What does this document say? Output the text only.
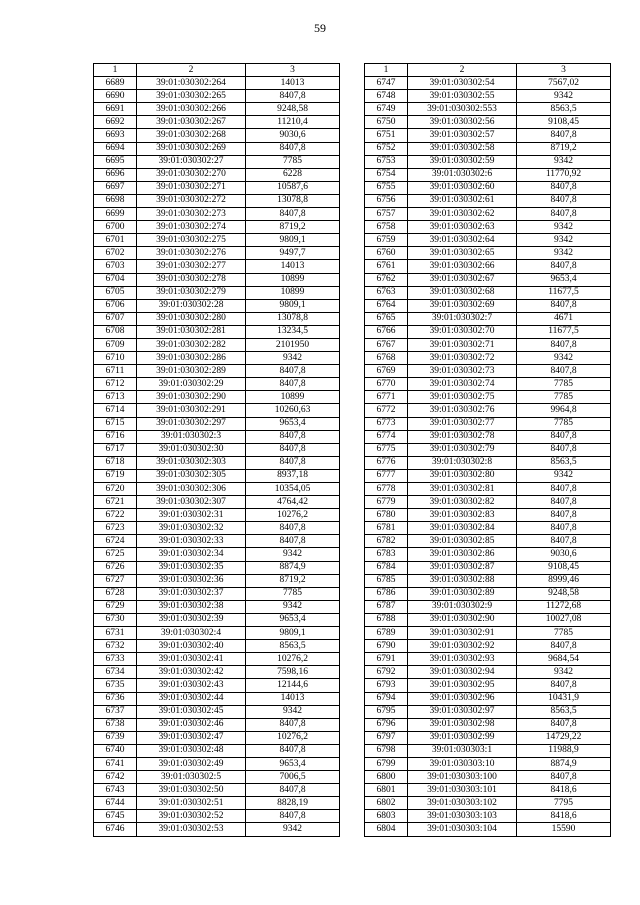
59
1	2	3
6689	39:01:030302:264	14013
6690	39:01:030302:265	8407,8
6691	39:01:030302:266	9248,58
6692	39:01:030302:267	11210,4
6693	39:01:030302:268	9030,6
6694	39:01:030302:269	8407,8
6695	39:01:030302:27	7785
6696	39:01:030302:270	6228
6697	39:01:030302:271	10587,6
6698	39:01:030302:272	13078,8
6699	39:01:030302:273	8407,8
6700	39:01:030302:274	8719,2
6701	39:01:030302:275	9809,1
6702	39:01:030302:276	9497,7
6703	39:01:030302:277	14013
6704	39:01:030302:278	10899
6705	39:01:030302:279	10899
6706	39:01:030302:28	9809,1
6707	39:01:030302:280	13078,8
6708	39:01:030302:281	13234,5
6709	39:01:030302:282	2101950
6710	39:01:030302:286	9342
6711	39:01:030302:289	8407,8
6712	39:01:030302:29	8407,8
6713	39:01:030302:290	10899
6714	39:01:030302:291	10260,63
6715	39:01:030302:297	9653,4
6716	39:01:030302:3	8407,8
6717	39:01:030302:30	8407,8
6718	39:01:030302:303	8407,8
6719	39:01:030302:305	8937,18
6720	39:01:030302:306	10354,05
6721	39:01:030302:307	4764,42
6722	39:01:030302:31	10276,2
6723	39:01:030302:32	8407,8
6724	39:01:030302:33	8407,8
6725	39:01:030302:34	9342
6726	39:01:030302:35	8874,9
6727	39:01:030302:36	8719,2
6728	39:01:030302:37	7785
6729	39:01:030302:38	9342
6730	39:01:030302:39	9653,4
6731	39:01:030302:4	9809,1
6732	39:01:030302:40	8563,5
6733	39:01:030302:41	10276,2
6734	39:01:030302:42	7598,16
6735	39:01:030302:43	12144,6
6736	39:01:030302:44	14013
6737	39:01:030302:45	9342
6738	39:01:030302:46	8407,8
6739	39:01:030302:47	10276,2
6740	39:01:030302:48	8407,8
6741	39:01:030302:49	9653,4
6742	39:01:030302:5	7006,5
6743	39:01:030302:50	8407,8
6744	39:01:030302:51	8828,19
6745	39:01:030302:52	8407,8
6746	39:01:030302:53	9342
1	2	3
6747	39:01:030302:54	7567,02
6748	39:01:030302:55	9342
6749	39:01:030302:553	8563,5
6750	39:01:030302:56	9108,45
6751	39:01:030302:57	8407,8
6752	39:01:030302:58	8719,2
6753	39:01:030302:59	9342
6754	39:01:030302:6	11770,92
6755	39:01:030302:60	8407,8
6756	39:01:030302:61	8407,8
6757	39:01:030302:62	8407,8
6758	39:01:030302:63	9342
6759	39:01:030302:64	9342
6760	39:01:030302:65	9342
6761	39:01:030302:66	8407,8
6762	39:01:030302:67	9653,4
6763	39:01:030302:68	11677,5
6764	39:01:030302:69	8407,8
6765	39:01:030302:7	4671
6766	39:01:030302:70	11677,5
6767	39:01:030302:71	8407,8
6768	39:01:030302:72	9342
6769	39:01:030302:73	8407,8
6770	39:01:030302:74	7785
6771	39:01:030302:75	7785
6772	39:01:030302:76	9964,8
6773	39:01:030302:77	7785
6774	39:01:030302:78	8407,8
6775	39:01:030302:79	8407,8
6776	39:01:030302:8	8563,5
6777	39:01:030302:80	9342
6778	39:01:030302:81	8407,8
6779	39:01:030302:82	8407,8
6780	39:01:030302:83	8407,8
6781	39:01:030302:84	8407,8
6782	39:01:030302:85	8407,8
6783	39:01:030302:86	9030,6
6784	39:01:030302:87	9108,45
6785	39:01:030302:88	8999,46
6786	39:01:030302:89	9248,58
6787	39:01:030302:9	11272,68
6788	39:01:030302:90	10027,08
6789	39:01:030302:91	7785
6790	39:01:030302:92	8407,8
6791	39:01:030302:93	9684,54
6792	39:01:030302:94	9342
6793	39:01:030302:95	8407,8
6794	39:01:030302:96	10431,9
6795	39:01:030302:97	8563,5
6796	39:01:030302:98	8407,8
6797	39:01:030302:99	14729,22
6798	39:01:030303:1	11988,9
6799	39:01:030303:10	8874,9
6800	39:01:030303:100	8407,8
6801	39:01:030303:101	8418,6
6802	39:01:030303:102	7795
6803	39:01:030303:103	8418,6
6804	39:01:030303:104	15590
